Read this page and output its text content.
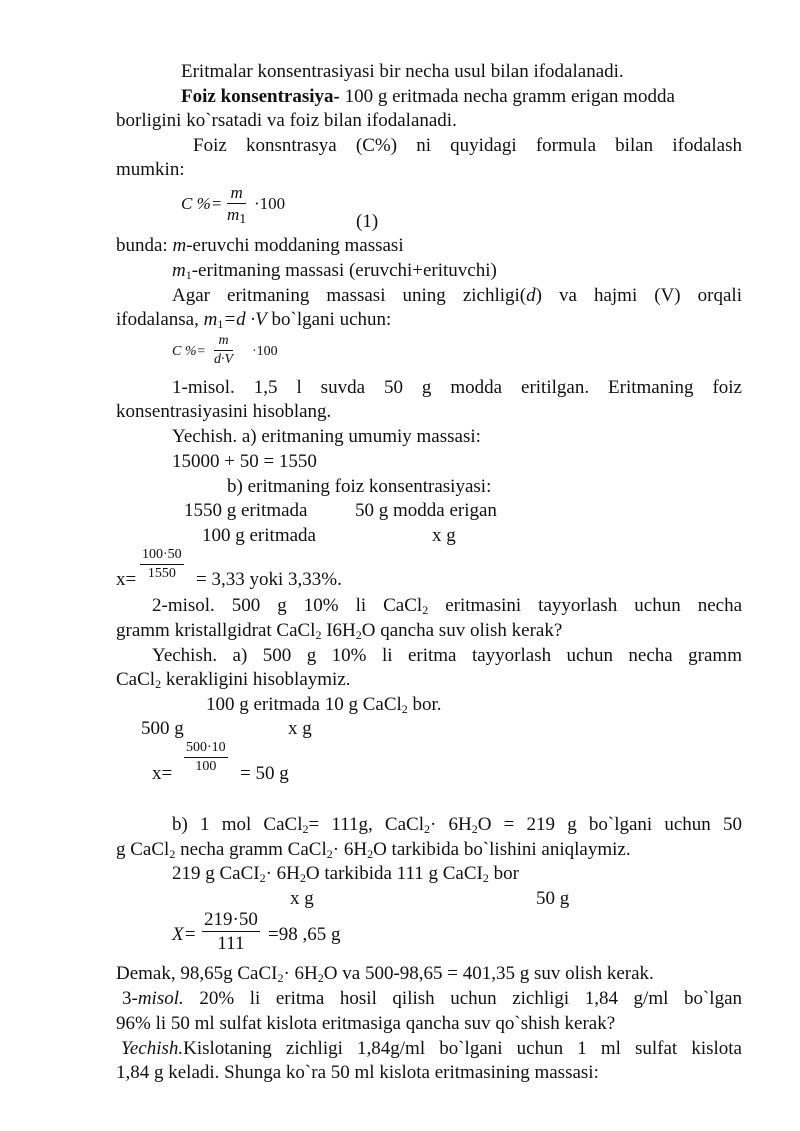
Eritmalar konsentrasiyasi bir necha usul bilan ifodalanadi.
Foiz konsentrasiya- 100 g eritmada necha gramm erigan modda
borligini ko`rsatadi va foiz bilan ifodalanadi.
Foiz konsntrasya (C%) ni quyidagi formula bilan ifodalash
mumkin:
C %= $\frac{m}{m_1} \cdot 100$
(1)
bunda: m-eruvchi moddaning massasi
$m_1$-eritmaning massasi (eruvchi+erituvchi)
Agar eritmaning massasi uning zichligi(d) va hajmi (V) orqali
ifodalansa, $m_1=d \cdot V$ bo`lgani uchun:
C %= $\frac{m}{d\cdot V} \cdot 100$
1-misol. 1,5 l suvda 50 g modda eritilgan. Eritmaning foiz
konsentrasiyasini hisoblang.
Yechish. a) eritmaning umumiy massasi:
15000 + 50 = 1550
b) eritmaning foiz konsentrasiyasi:
1550 g eritmada	50 g modda erigan
100 g eritmada	x g
$x= \frac{100\cdot 50}{1550} = 3,33$ yoki 3,33%.
2-misol. 500 g 10% li CaCl$_2$ eritmasini tayyorlash uchun necha
gramm kristallgidrat CaCl$_2$ $I6H_2O$ qancha suv olish kerak?
Yechish. a) 500 g 10% li eritma tayyorlash uchun necha gramm
CaCl$_2$ kerakligini hisoblaymiz.
100 g eritmada 10 g CaCl$_2$ bor.
500 g	x g
$x= \frac{500\cdot 10}{100} = 50$ g
b) 1 mol CaCl$_2$= 111g, CaCl$_2$· $6H_2O = 219$ g bo`lgani uchun 50
g CaCl$_2$ necha gramm CaCl$_2$· $6H_2O$ tarkibida bo`lishini aniqlaymiz.
219 g CaCI$_2$· $6H_2O$ tarkibida 111 g CaCI$_2$ bor
x g	50 g
$X= \frac{219\cdot 50}{111} =98$ ,65 g
Demak, 98,65g CaCI$_2$· $6H_2O$ va 500-98,65 = 401,35 g suv olish kerak.
3-misol. 20% li eritma hosil qilish uchun zichligi 1,84 g/ml bo`lgan
96% li 50 ml sulfat kislota eritmasiga qancha suv qo`shish kerak?
Yechish.Kislotaning zichligi 1,84g/ml bo`lgani uchun 1 ml sulfat kislota
1,84 g keladi. Shunga ko`ra 50 ml kislota eritmasining massasi:
